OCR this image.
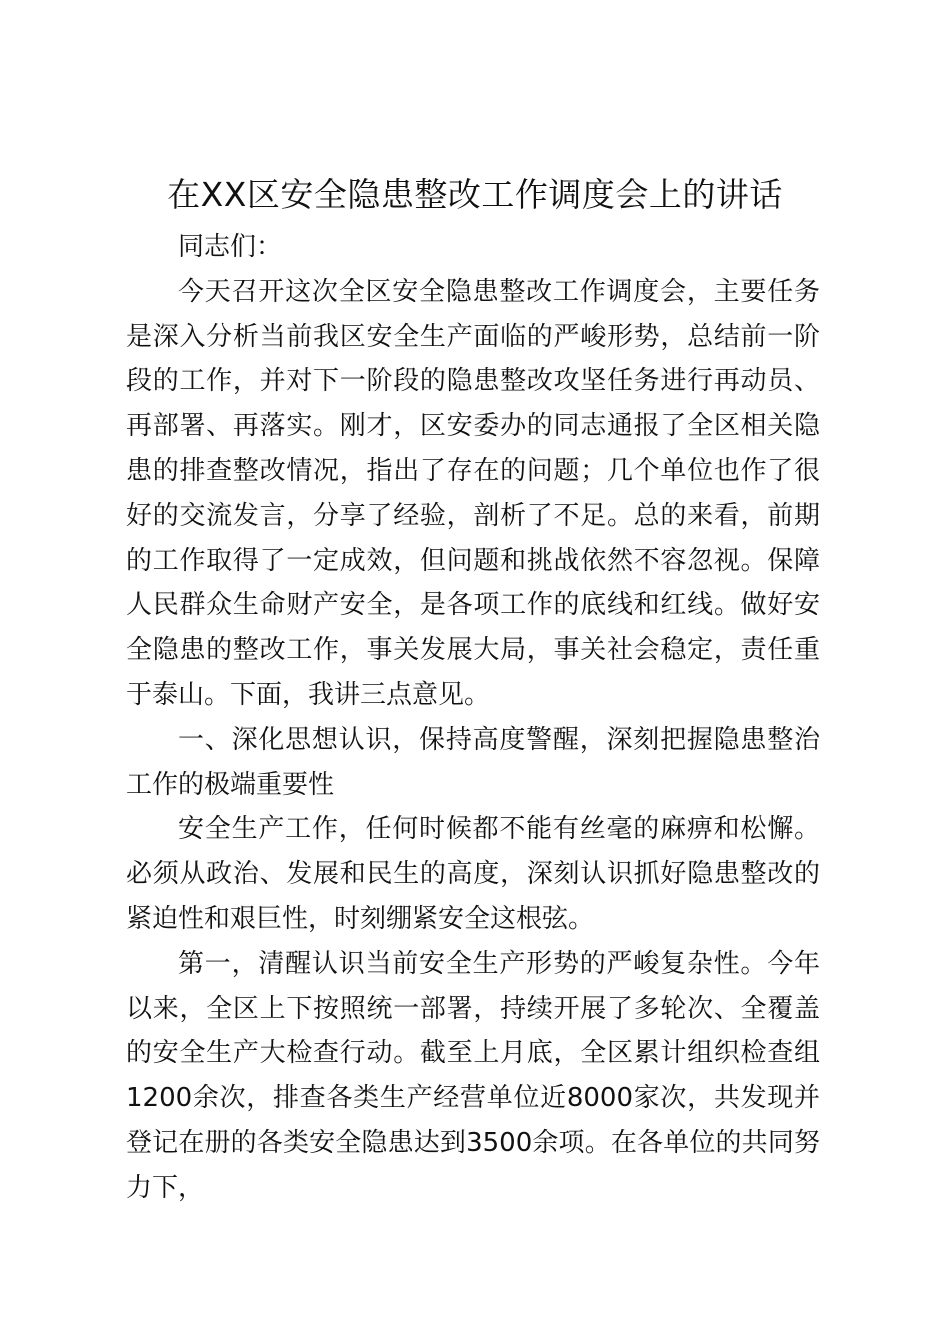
在XX区安全隐患整改工作调度会上的讲话

同志们：

今天召开这次全区安全隐患整改工作调度会，主要任务是深入分析当前我区安全生产面临的严峻形势，总结前一阶段的工作，并对下一阶段的隐患整改攻坚任务进行再动员、再部署、再落实。刚才，区安委办的同志通报了全区相关隐患的排查整改情况，指出了存在的问题；几个单位也作了很好的交流发言，分享了经验，剖析了不足。总的来看，前期的工作取得了一定成效，但问题和挑战依然不容忽视。保障人民群众生命财产安全，是各项工作的底线和红线。做好安全隐患的整改工作，事关发展大局，事关社会稳定，责任重于泰山。下面，我讲三点意见。

一、深化思想认识，保持高度警醒，深刻把握隐患整治工作的极端重要性

安全生产工作，任何时候都不能有丝毫的麻痹和松懈。必须从政治、发展和民生的高度，深刻认识抓好隐患整改的紧迫性和艰巨性，时刻绷紧安全这根弦。

第一，清醒认识当前安全生产形势的严峻复杂性。今年以来，全区上下按照统一部署，持续开展了多轮次、全覆盖的安全生产大检查行动。截至上月底，全区累计组织检查组1200余次，排查各类生产经营单位近8000家次，共发现并登记在册的各类安全隐患达到3500余项。在各单位的共同努力下，
